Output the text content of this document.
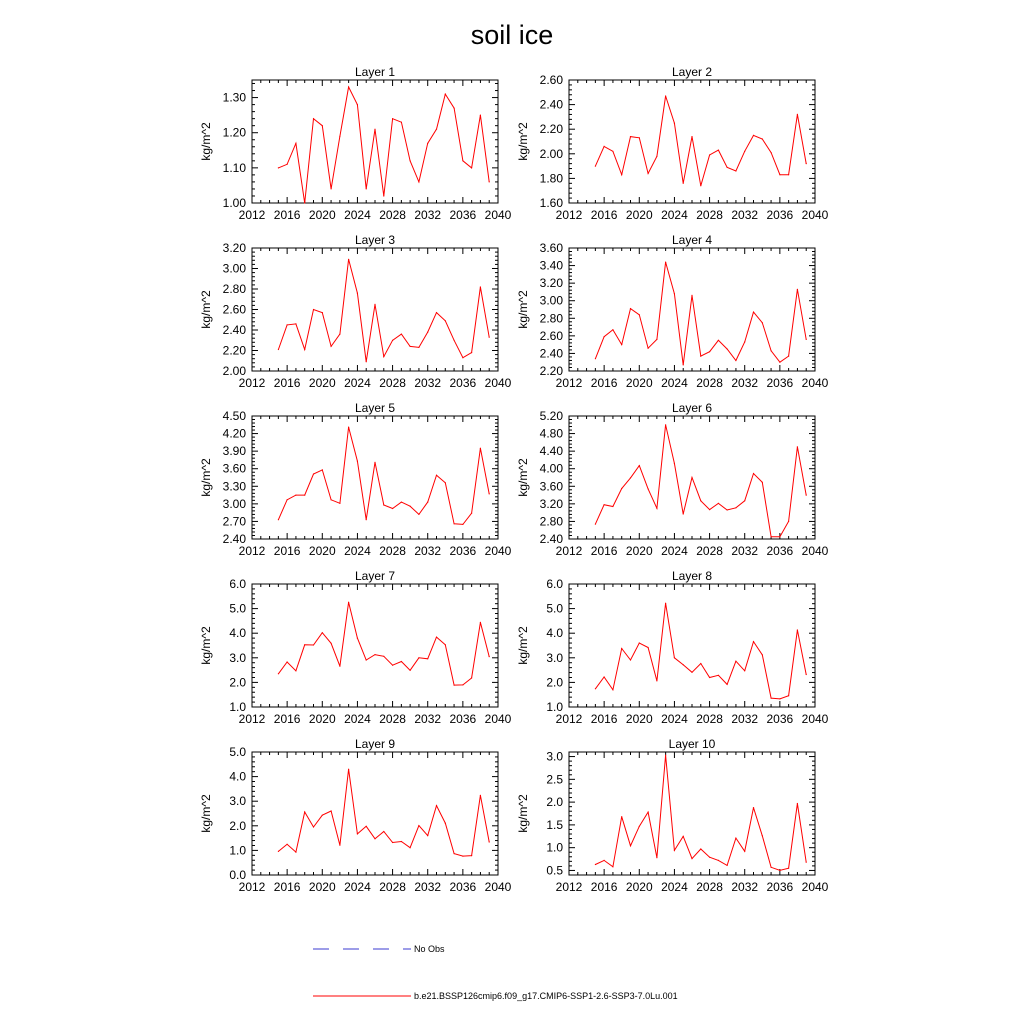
soil ice
Layer 1
kg/m^2
2012 2016 2020 2024 2028 2032 2036 2040
1.00
1.10
1.20
1.30
Layer 2
kg/m^2
2012 2016 2020 2024 2028 2032 2036 2040
1.60
1.80
2.00
2.20
2.40
2.60
Layer 3
kg/m^2
2012 2016 2020 2024 2028 2032 2036 2040
2.00
2.20
2.40
2.60
2.80
3.00
3.20
Layer 4
kg/m^2
2012 2016 2020 2024 2028 2032 2036 2040
2.20
2.40
2.60
2.80
3.00
3.20
3.40
3.60
Layer 5
kg/m^2
2012 2016 2020 2024 2028 2032 2036 2040
2.40
2.70
3.00
3.30
3.60
3.90
4.20
4.50
Layer 6
kg/m^2
2012 2016 2020 2024 2028 2032 2036 2040
2.40
2.80
3.20
3.60
4.00
4.40
4.80
5.20
Layer 7
kg/m^2
2012 2016 2020 2024 2028 2032 2036 2040
1.0
2.0
3.0
4.0
5.0
6.0
Layer 8
kg/m^2
2012 2016 2020 2024 2028 2032 2036 2040
1.0
2.0
3.0
4.0
5.0
6.0
Layer 9
kg/m^2
2012 2016 2020 2024 2028 2032 2036 2040
0.0
1.0
2.0
3.0
4.0
5.0
Layer 10
kg/m^2
2012 2016 2020 2024 2028 2032 2036 2040
0.5
1.0
1.5
2.0
2.5
3.0
No Obs
b.e21.BSSP126cmip6.f09_g17.CMIP6-SSP1-2.6-SSP3-7.0Lu.001
